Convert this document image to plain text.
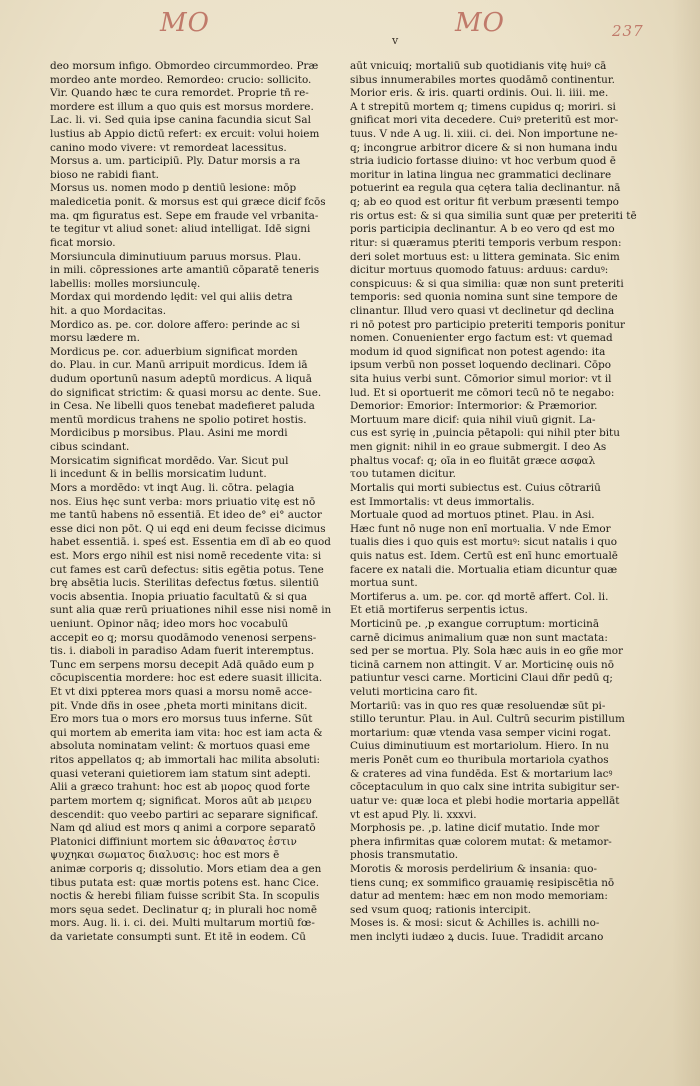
MO
v
MO	237
deo morsum infigo. Obmordeo circummordeo. Præ
mordeo ante mordeo. Remordeo: crucio: sollicito.
Vir. Quando hæc te cura remordet. Proprie tñ re-
mordere est illum a quo quis est morsus mordere.
Lac. li. vi. Sed quia ipse canina facundia sicut Sal
lustius ab Appio dictū refert: ex ercuit: volui hoiem
canino modo vivere: vt remordeat lacessitus.
Morsus a. um. participiū. Ply. Datur morsis a ra
bioso ne rabidi fiant.
Morsus us. nomen modo p dentiū lesione: mōp
maledicetia ponit. & morsus est qui græce dicif fcōs
ma. qm figuratus est. Sepe em fraude vel vrbanita-
te tegitur vt aliud sonet: aliud intelligat. Idē signi
ficat morsio.
Morsiuncula diminutiuum paruus morsus. Plau.
in mili. cōpressiones arte amantiū cōparatē teneris
labellis: molles morsiunculę.
Mordax qui mordendo lędit: vel qui aliis detra
hit. a quo Mordacitas.
Mordico as. pe. cor. dolore affero: perinde ac si
morsu lædere m.
Mordicus pe. cor. aduerbium significat morden
do. Plau. in cur. Manū arripuit mordicus. Idem iā
dudum oportunū nasum adeptū mordicus. A liquā
do significat strictim: & quasi morsu ac dente. Sue.
in Cesa. Ne libelli quos tenebat madefieret paluda
mentū mordicus trahens ne spolio potiret hostis.
Mordicibus p morsibus. Plau. Asini me mordi
cibus scindant.
Morsicatim significat mordēdo. Var. Sicut pul
li incedunt & in bellis morsicatim ludunt.
Mors a mordēdo: vt inqt Aug. li. cōtra. pelagia
nos. Eius hęc sunt verba: mors priuatio vitę est nō
me tantū habens nō essentiā. Et ideo de° ei° auctor
esse dici non pōt. Q ui eqd eni deum fecisse dicimus
habet essentiā. i. speś est. Essentia em dī ab eo quod
est. Mors ergo nihil est nisi nomē recedente vita: si
cut fames est carū defectus: sitis egētia potus. Tene
brę absētia lucis. Sterilitas defectus fœtus. silentiū
vocis absentia. Inopia priuatio facultatū & si qua
sunt alia quæ rerū priuationes nihil esse nisi nomē in
ueniunt. Opinor nāq; ideo mors hoc vocabulū
accepit eo q; morsu quodāmodo venenosi serpens-
tis. i. diaboli in paradiso Adam fuerit interemptus.
Tunc em serpens morsu decepit Adā quādo eum p
cōcupiscentia mordere: hoc est edere suasit illicita.
Et vt dixi ppterea mors quasi a morsu nomē acce-
pit. Vnde dñs in osee ,pheta morti minitans dicit.
Ero mors tua o mors ero morsus tuus inferne. Sūt
qui mortem ab emerita iam vita: hoc est iam acta &
absoluta nominatam velint: & mortuos quasi eme
ritos appellatos q; ab immortali hac milita absoluti:
quasi veterani quietiorem iam statum sint adepti.
Alii a græco trahunt: hoc est ab μορος quod forte
partem mortem q; significat. Moros aūt ab μειρευ
descendit: quo veebo partiri ac separare significaf.
Nam qd aliud est mors q animi a corpore separatō
Platonici diffiniunt mortem sic ἀθανατος ἐστιν
ψυχηκαι σωματος διαλυσις: hoc est mors ē
animæ corporis q; dissolutio. Mors etiam dea a gen
tibus putata est: quæ mortis potens est. hanc Cice.
noctis & herebi filiam fuisse scribit Sta. In scopulis
mors sęua sedet. Declinatur q; in plurali hoc nomē
mors. Aug. li. i. ci. dei. Multi multarum mortiū fœ-
da varietate consumpti sunt. Et itē in eodem. Cū
aūt vnicuiq; mortaliū sub quotidianis vitę huiꝰ cā
sibus innumerabiles mortes quodāmō continentur.
Morior eris. & iris. quarti ordinis. Oui. li. iiii. me.
A t strepitū mortem q; timens cupidus q; moriri. si
gnificat mori vita decedere. Cuiꝰ preteritū est mor-
tuus. V nde A ug. li. xiii. ci. dei. Non importune ne-
q; incongrue arbitror dicere & si non humana indu
stria iudicio fortasse diuino: vt hoc verbum quod ē
moritur in latina lingua nec grammatici declinare
potuerint ea regula qua cętera talia declinantur. nā
q; ab eo quod est oritur fit verbum præsenti tempo
ris ortus est: & si qua similia sunt quæ per preteriti tē
poris participia declinantur. A b eo vero qd est mo
ritur: si quæramus pteriti temporis verbum respon:
deri solet mortuus est: u littera geminata. Sic enim
dicitur mortuus quomodo fatuus: arduus: carduꝰ:
conspicuus: & si qua similia: quæ non sunt preteriti
temporis: sed quonia nomina sunt sine tempore de
clinantur. Illud vero quasi vt declinetur qd declina
ri nō potest pro participio preteriti temporis ponitur
nomen. Conuenienter ergo factum est: vt quemad
modum id quod significat non potest agendo: ita
ipsum verbū non posset loquendo declinari. Cōpo
sita huius verbi sunt. Cōmorior simul morior: vt il
lud. Et si oportuerit me cōmori tecū nō te negabo:
Demorior: Emorior: Intermorior: & Præmorior.
Mortuum mare dicif: quia nihil viuū gignit. La-
cus est syrię in ,puincia pētapoli: qui nihil pter bitu
men gignit: nihil in eo graue submergit. I deo As
phaltus vocaf: q; oīa in eo fluitāt græce ασφαλ
του tutamen dicitur.
Mortalis qui morti subiectus est. Cuius cōtrariū
est Immortalis: vt deus immortalis.
Mortuale quod ad mortuos ptinet. Plau. in Asi.
Hæc funt nō nuge non enī mortualia. V nde Emor
tualis dies i quo quis est mortuꝰ: sicut natalis i quo
quis natus est. Idem. Certū est enī hunc emortualē
facere ex natali die. Mortualia etiam dicuntur quæ
mortua sunt.
Mortiferus a. um. pe. cor. qd mortē affert. Col. li.
Et etiā mortiferus serpentis ictus.
Morticinū pe. ,p exangue corruptum: morticinā
carnē dicimus animalium quæ non sunt mactata:
sed per se mortua. Ply. Sola hæc auis in eo gñe mor
ticinā carnem non attingit. V ar. Morticinę ouis nō
patiuntur vesci carne. Morticini Claui dñr pedū q;
veluti morticina caro fit.
Mortariū: vas in quo res quæ resoluendæ sūt pi-
stillo teruntur. Plau. in Aul. Cultrū securim pistillum
mortarium: quæ vtenda vasa semper vicini rogat.
Cuius diminutiuum est mortariolum. Hiero. In nu
meris Ponēt cum eo thuribula mortariola cyathos
& crateres ad vina fundēda. Est & mortarium lacꝰ
cōceptaculum in quo calx sine intrita subigitur ser-
uatur ve: quæ loca et plebi hodie mortaria appellāt
vt est apud Ply. li. xxxvi.
Morphosis pe. ,p. latine dicif mutatio. Inde mor
phera infirmitas quæ colorem mutat: & metamor-
phosis transmutatio.
Morotis & morosis perdelirium & insania: quo-
tiens cunq; ex sommifico grauamię resipiscētia nō
datur ad mentem: hæc em non modo memoriam:
sed vsum quoq; rationis intercipit.
Moses is. & mosi: sicut & Achilles is. achilli no-
men inclyti iudæo ꝝ ducis. Iuue. Tradidit arcano
